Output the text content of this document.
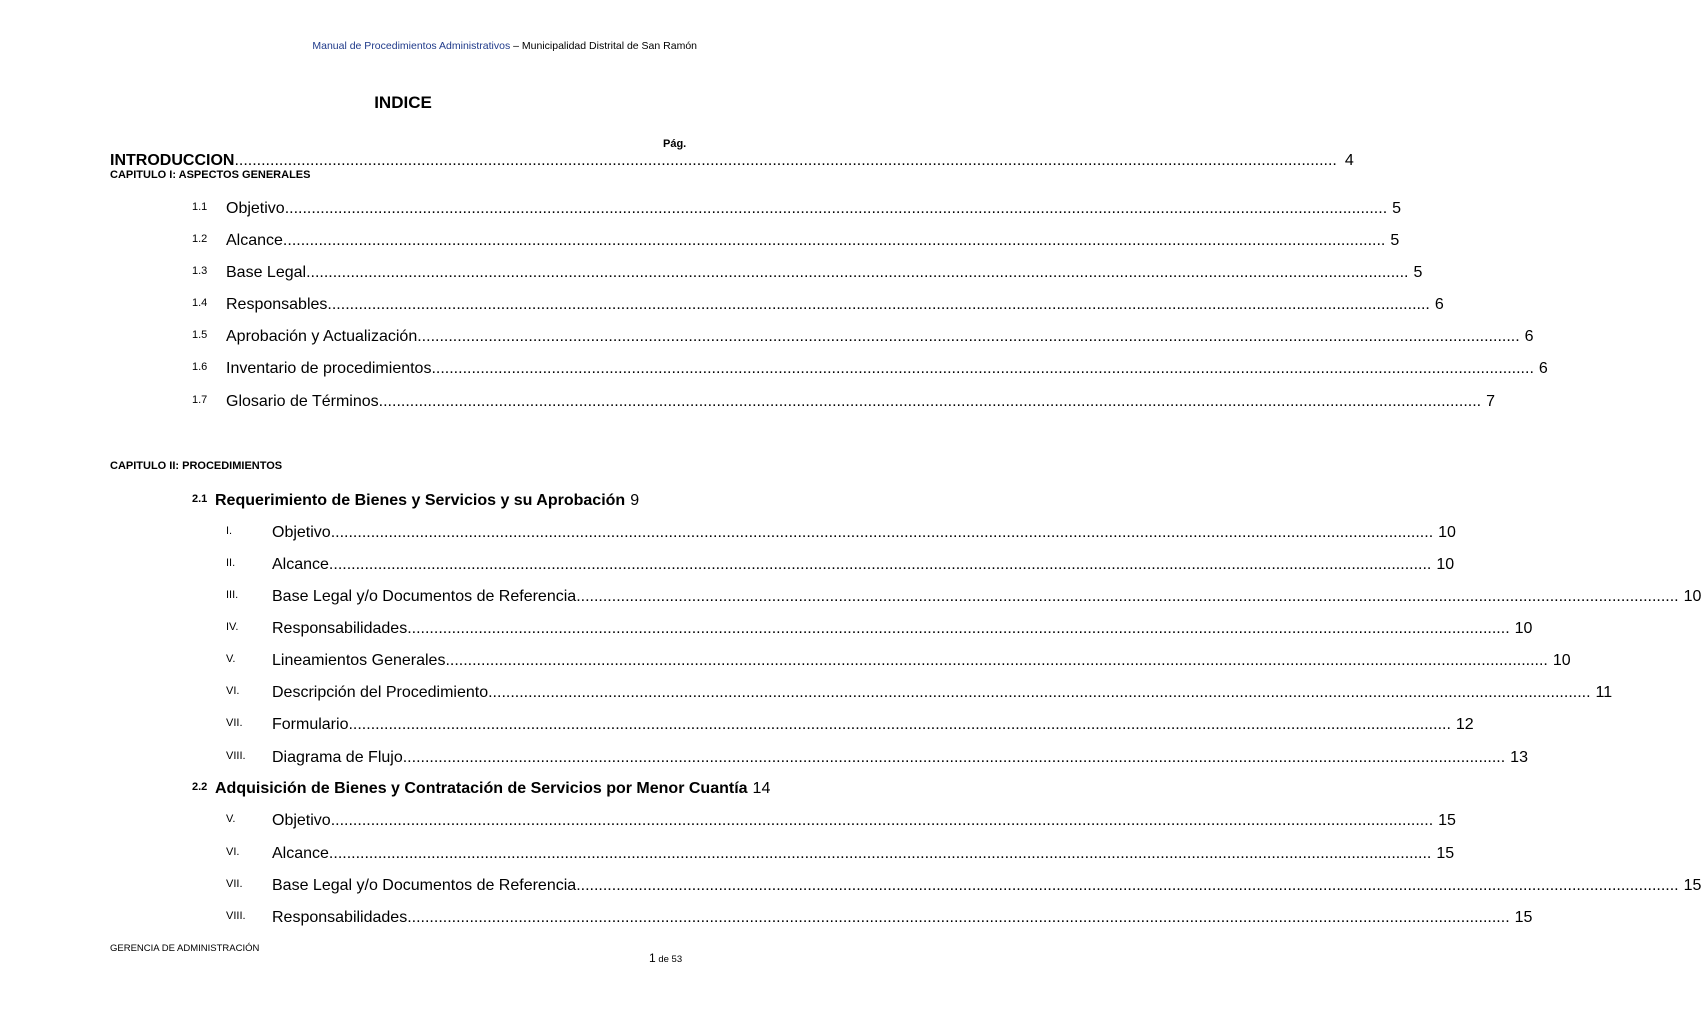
Manual de Procedimientos Administrativos – Municipalidad Distrital de San Ramón
INDICE
Pág.
INTRODUCCION .....	4
CAPITULO I: ASPECTOS GENERALES
1.1 Objetivo .....	5
1.2 Alcance .....	5
1.3 Base Legal .....	5
1.4 Responsables .....	6
1.5 Aprobación y Actualización .....	6
1.6 Inventario de procedimientos .....	6
1.7 Glosario de Términos .....	7
CAPITULO II: PROCEDIMIENTOS
2.1 Requerimiento de Bienes y Servicios y su Aprobación 9
I. Objetivo .....	10
II. Alcance .....	10
III. Base Legal y/o Documentos de Referencia .....	10
IV. Responsabilidades .....	10
V. Lineamientos Generales .....	10
VI. Descripción del Procedimiento .....	11
VII. Formulario .....	12
VIII. Diagrama de Flujo .....	13
2.2 Adquisición de Bienes y Contratación de Servicios por Menor Cuantía 14
V. Objetivo .....	15
VI. Alcance .....	15
VII. Base Legal y/o Documentos de Referencia .....	15
VIII. Responsabilidades .....	15
GERENCIA DE ADMINISTRACIÓN
1 de 53
